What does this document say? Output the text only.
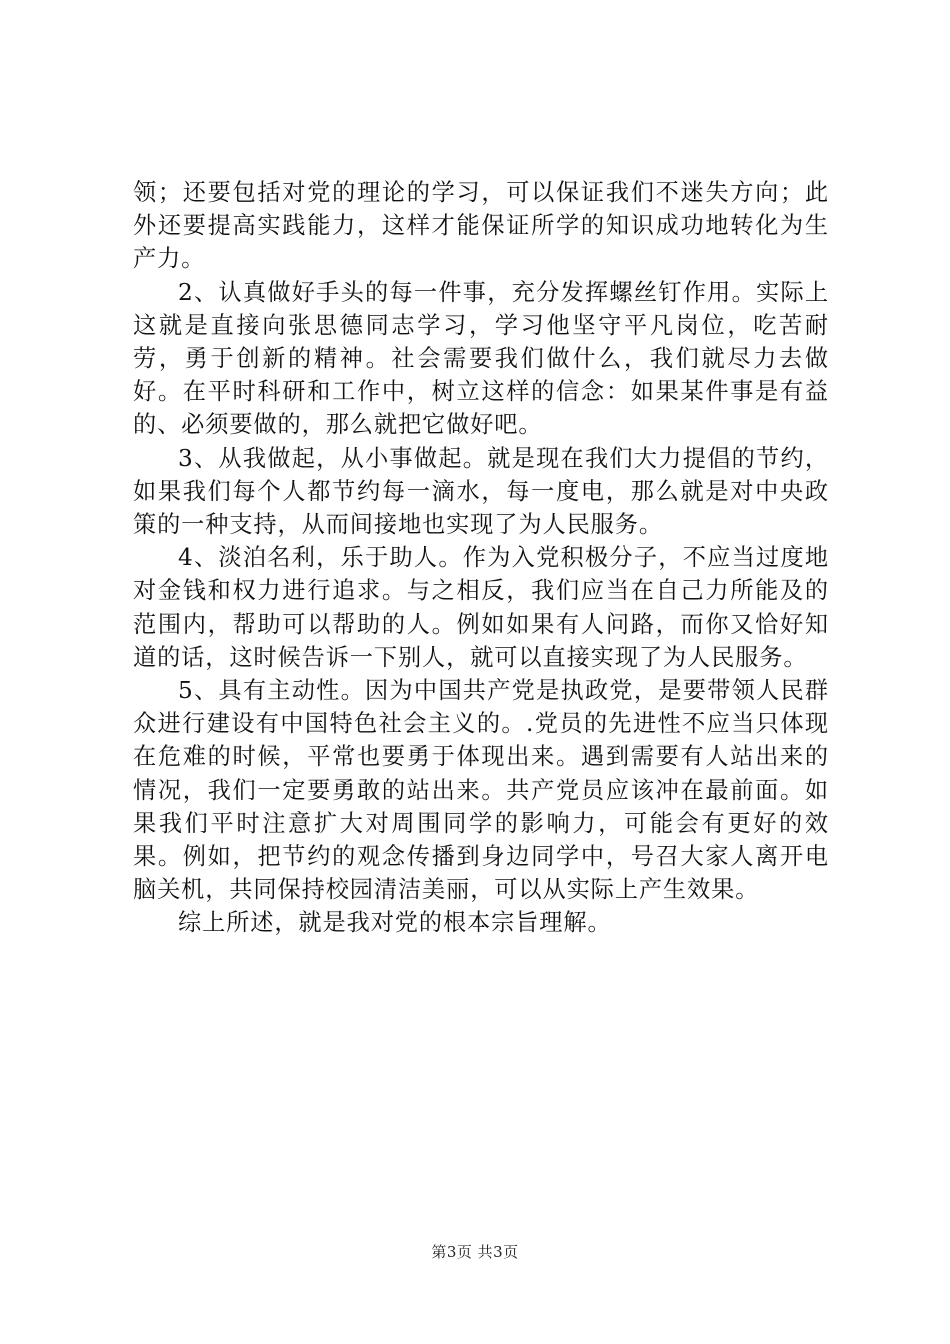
领；还要包括对党的理论的学习，可以保证我们不迷失方向；此外还要提高实践能力，这样才能保证所学的知识成功地转化为生产力。

2、认真做好手头的每一件事，充分发挥螺丝钉作用。实际上这就是直接向张思德同志学习，学习他坚守平凡岗位，吃苦耐劳，勇于创新的精神。社会需要我们做什么，我们就尽力去做好。在平时科研和工作中，树立这样的信念：如果某件事是有益的、必须要做的，那么就把它做好吧。

3、从我做起，从小事做起。就是现在我们大力提倡的节约，如果我们每个人都节约每一滴水，每一度电，那么就是对中央政策的一种支持，从而间接地也实现了为人民服务。

4、淡泊名利，乐于助人。作为入党积极分子，不应当过度地对金钱和权力进行追求。与之相反，我们应当在自己力所能及的范围内，帮助可以帮助的人。例如如果有人问路，而你又恰好知道的话，这时候告诉一下别人，就可以直接实现了为人民服务。

5、具有主动性。因为中国共产党是执政党，是要带领人民群众进行建设有中国特色社会主义的。.党员的先进性不应当只体现在危难的时候，平常也要勇于体现出来。遇到需要有人站出来的情况，我们一定要勇敢的站出来。共产党员应该冲在最前面。如果我们平时注意扩大对周围同学的影响力，可能会有更好的效果。例如，把节约的观念传播到身边同学中，号召大家人离开电脑关机，共同保持校园清洁美丽，可以从实际上产生效果。

综上所述，就是我对党的根本宗旨理解。

第3页 共3页
